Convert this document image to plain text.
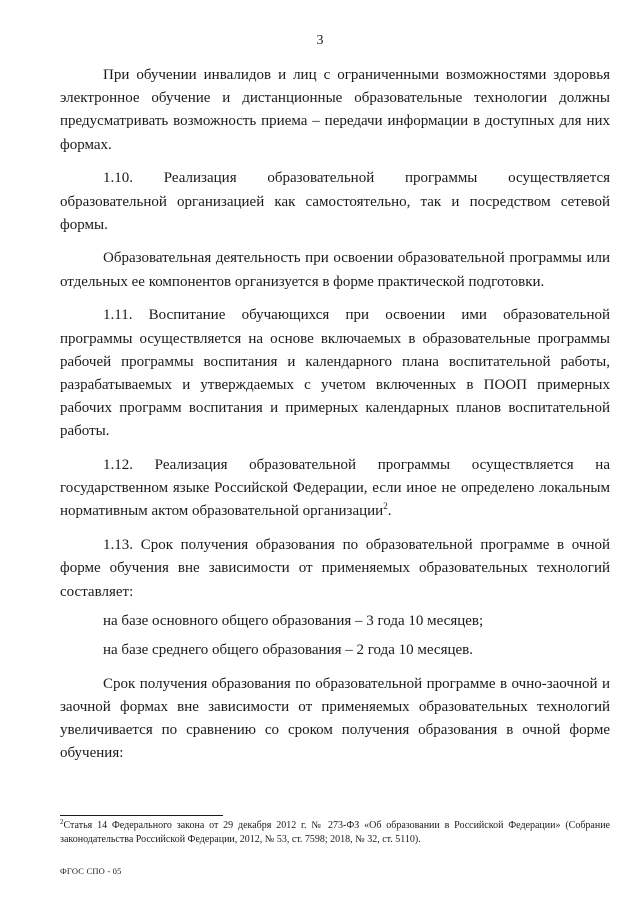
3

При обучении инвалидов и лиц с ограниченными возможностями здоровья электронное обучение и дистанционные образовательные технологии должны предусматривать возможность приема – передачи информации в доступных для них формах.

1.10. Реализация образовательной программы осуществляется образовательной организацией как самостоятельно, так и посредством сетевой формы.

Образовательная деятельность при освоении образовательной программы или отдельных ее компонентов организуется в форме практической подготовки.

1.11. Воспитание обучающихся при освоении ими образовательной программы осуществляется на основе включаемых в образовательные программы рабочей программы воспитания и календарного плана воспитательной работы, разрабатываемых и утверждаемых с учетом включенных в ПООП примерных рабочих программ воспитания и примерных календарных планов воспитательной работы.

1.12. Реализация образовательной программы осуществляется на государственном языке Российской Федерации, если иное не определено локальным нормативным актом образовательной организации$^2$.

1.13. Срок получения образования по образовательной программе в очной форме обучения вне зависимости от применяемых образовательных технологий составляет:

на базе основного общего образования – 3 года 10 месяцев;

на базе среднего общего образования – 2 года 10 месяцев.

Срок получения образования по образовательной программе в очно-заочной и заочной формах вне зависимости от применяемых образовательных технологий увеличивается по сравнению со сроком получения образования в очной форме обучения:

$^2$Статья 14 Федерального закона от 29 декабря 2012 г. № 273-ФЗ «Об образовании в Российской Федерации» (Собрание законодательства Российской Федерации, 2012, № 53, ст. 7598; 2018, № 32, ст. 5110).
ФГОС СПО - 05
